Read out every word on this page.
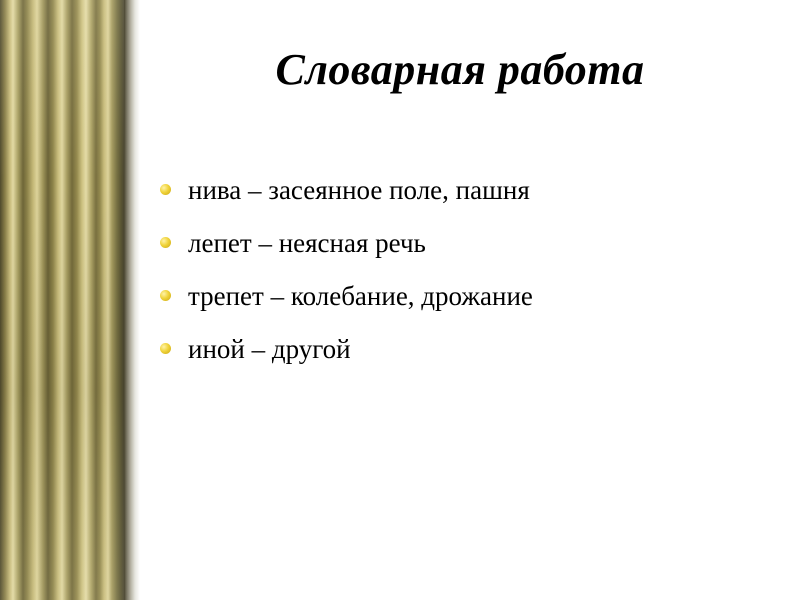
Словарная работа
нива – засеянное поле, пашня
лепет – неясная речь
трепет – колебание, дрожание
иной – другой
